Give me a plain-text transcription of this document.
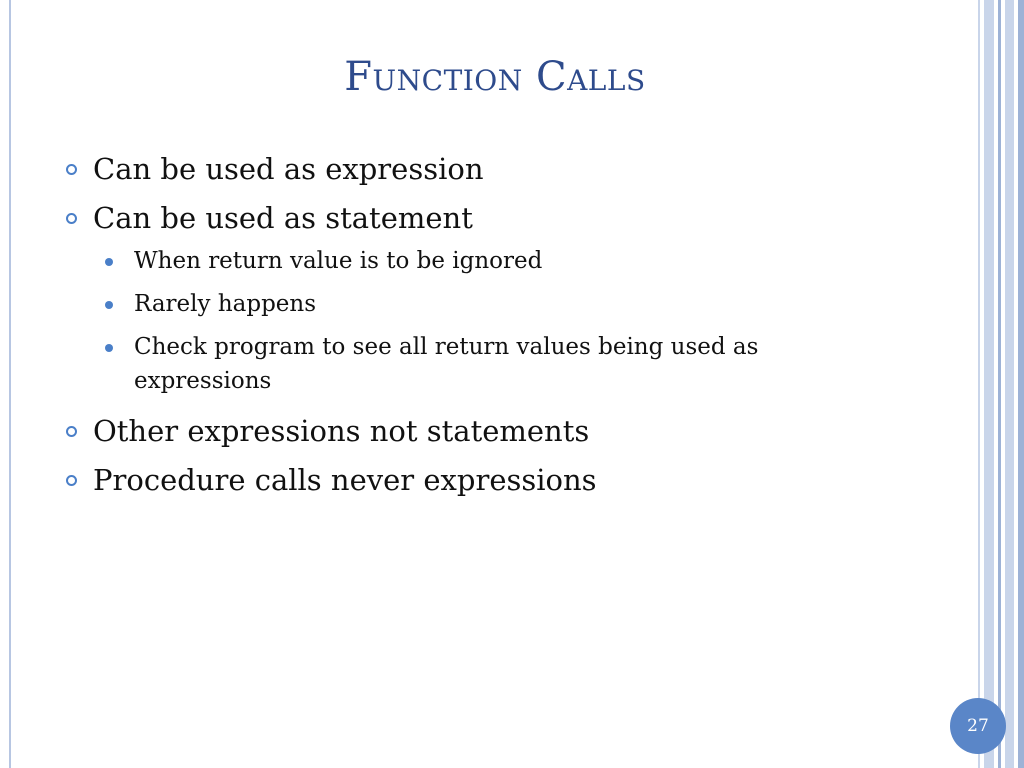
Function Calls
Can be used as expression
Can be used as statement
When return value is to be ignored
Rarely happens
Check program to see all return values being used as expressions
Other expressions not statements
Procedure calls never expressions
27
